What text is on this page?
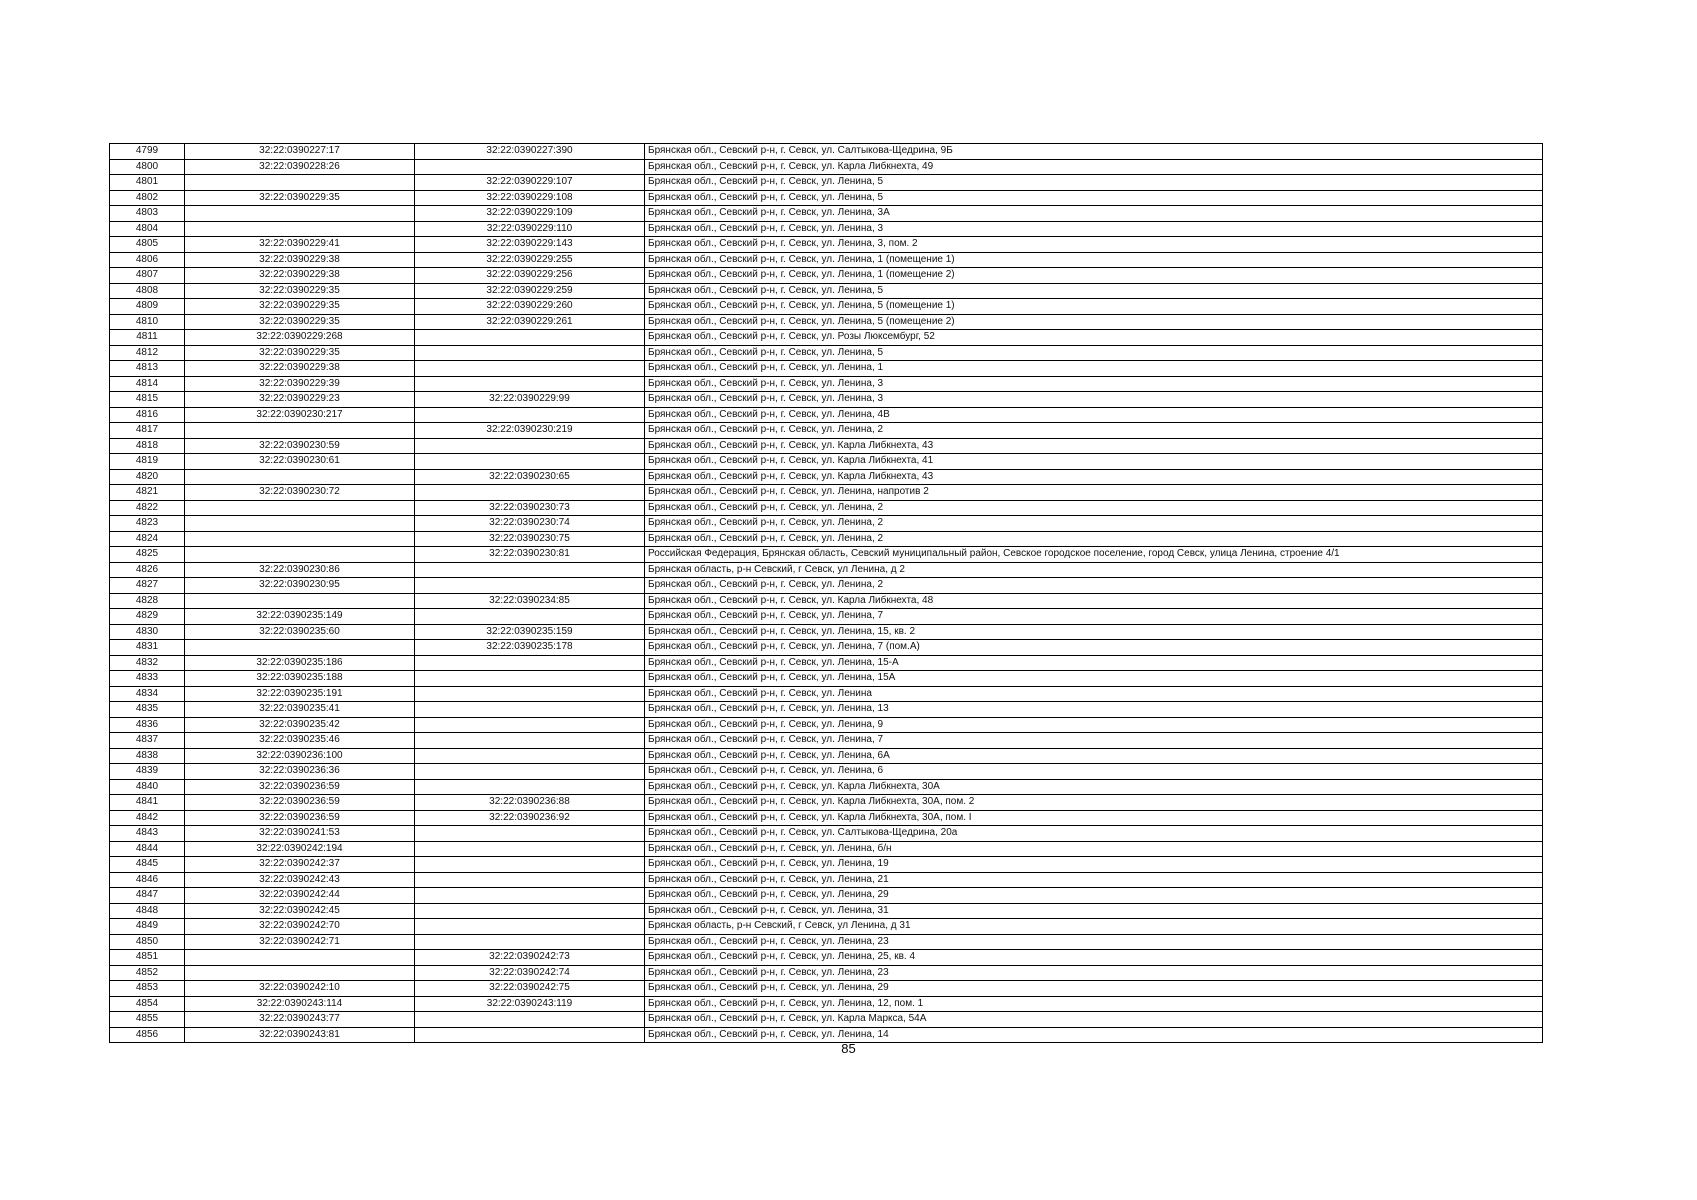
4799	32:22:0390227:17	32:22:0390227:390	Брянская обл., Севский р-н, г. Севск, ул. Салтыкова-Щедрина, 9Б
4800	32:22:0390228:26		Брянская обл., Севский р-н, г. Севск, ул. Карла Либкнехта, 49
4801		32:22:0390229:107	Брянская обл., Севский р-н, г. Севск, ул. Ленина, 5
4802	32:22:0390229:35	32:22:0390229:108	Брянская обл., Севский р-н, г. Севск, ул. Ленина, 5
4803		32:22:0390229:109	Брянская обл., Севский р-н, г. Севск, ул. Ленина, 3А
4804		32:22:0390229:110	Брянская обл., Севский р-н, г. Севск, ул. Ленина, 3
4805	32:22:0390229:41	32:22:0390229:143	Брянская обл., Севский р-н, г. Севск, ул. Ленина, 3, пом. 2
4806	32:22:0390229:38	32:22:0390229:255	Брянская обл., Севский р-н, г. Севск, ул. Ленина, 1 (помещение 1)
4807	32:22:0390229:38	32:22:0390229:256	Брянская обл., Севский р-н, г. Севск, ул. Ленина, 1 (помещение 2)
4808	32:22:0390229:35	32:22:0390229:259	Брянская обл., Севский р-н, г. Севск, ул. Ленина, 5
4809	32:22:0390229:35	32:22:0390229:260	Брянская обл., Севский р-н, г. Севск, ул. Ленина, 5 (помещение 1)
4810	32:22:0390229:35	32:22:0390229:261	Брянская обл., Севский р-н, г. Севск, ул. Ленина, 5 (помещение 2)
4811	32:22:0390229:268		Брянская обл., Севский р-н, г. Севск, ул. Розы Люксембург, 52
4812	32:22:0390229:35		Брянская обл., Севский р-н, г. Севск, ул. Ленина, 5
4813	32:22:0390229:38		Брянская обл., Севский р-н, г. Севск, ул. Ленина, 1
4814	32:22:0390229:39		Брянская обл., Севский р-н, г. Севск, ул. Ленина, 3
4815	32:22:0390229:23	32:22:0390229:99	Брянская обл., Севский р-н, г. Севск, ул. Ленина, 3
4816	32:22:0390230:217		Брянская обл., Севский р-н, г. Севск, ул. Ленина, 4В
4817		32:22:0390230:219	Брянская обл., Севский р-н, г. Севск, ул. Ленина, 2
4818	32:22:0390230:59		Брянская обл., Севский р-н, г. Севск, ул. Карла Либкнехта, 43
4819	32:22:0390230:61		Брянская обл., Севский р-н, г. Севск, ул. Карла Либкнехта, 41
4820		32:22:0390230:65	Брянская обл., Севский р-н, г. Севск, ул. Карла Либкнехта, 43
4821	32:22:0390230:72		Брянская обл., Севский р-н, г. Севск, ул. Ленина, напротив 2
4822		32:22:0390230:73	Брянская обл., Севский р-н, г. Севск, ул. Ленина, 2
4823		32:22:0390230:74	Брянская обл., Севский р-н, г. Севск, ул. Ленина, 2
4824		32:22:0390230:75	Брянская обл., Севский р-н, г. Севск, ул. Ленина, 2
4825		32:22:0390230:81	Российская Федерация, Брянская область, Севский муниципальный район, Севское городское поселение, город Севск, улица Ленина, строение 4/1
4826	32:22:0390230:86		Брянская область, р-н Севский, г Севск, ул Ленина, д 2
4827	32:22:0390230:95		Брянская обл., Севский р-н, г. Севск, ул. Ленина, 2
4828		32:22:0390234:85	Брянская обл., Севский р-н, г. Севск, ул. Карла Либкнехта, 48
4829	32:22:0390235:149		Брянская обл., Севский р-н, г. Севск, ул. Ленина, 7
4830	32:22:0390235:60	32:22:0390235:159	Брянская обл., Севский р-н, г. Севск, ул. Ленина, 15, кв. 2
4831		32:22:0390235:178	Брянская обл., Севский р-н, г. Севск, ул. Ленина, 7 (пом.А)
4832	32:22:0390235:186		Брянская обл., Севский р-н, г. Севск, ул. Ленина, 15-А
4833	32:22:0390235:188		Брянская обл., Севский р-н, г. Севск, ул. Ленина, 15А
4834	32:22:0390235:191		Брянская обл., Севский р-н, г. Севск, ул. Ленина
4835	32:22:0390235:41		Брянская обл., Севский р-н, г. Севск, ул. Ленина, 13
4836	32:22:0390235:42		Брянская обл., Севский р-н, г. Севск, ул. Ленина, 9
4837	32:22:0390235:46		Брянская обл., Севский р-н, г. Севск, ул. Ленина, 7
4838	32:22:0390236:100		Брянская обл., Севский р-н, г. Севск, ул. Ленина, 6А
4839	32:22:0390236:36		Брянская обл., Севский р-н, г. Севск, ул. Ленина, 6
4840	32:22:0390236:59		Брянская обл., Севский р-н, г. Севск, ул. Карла Либкнехта, 30А
4841	32:22:0390236:59	32:22:0390236:88	Брянская обл., Севский р-н, г. Севск, ул. Карла Либкнехта, 30А, пом. 2
4842	32:22:0390236:59	32:22:0390236:92	Брянская обл., Севский р-н, г. Севск, ул. Карла Либкнехта, 30А, пом. I
4843	32:22:0390241:53		Брянская обл., Севский р-н, г. Севск, ул. Салтыкова-Щедрина, 20а
4844	32:22:0390242:194		Брянская обл., Севский р-н, г. Севск, ул. Ленина, б/н
4845	32:22:0390242:37		Брянская обл., Севский р-н, г. Севск, ул. Ленина, 19
4846	32:22:0390242:43		Брянская обл., Севский р-н, г. Севск, ул. Ленина, 21
4847	32:22:0390242:44		Брянская обл., Севский р-н, г. Севск, ул. Ленина, 29
4848	32:22:0390242:45		Брянская обл., Севский р-н, г. Севск, ул. Ленина, 31
4849	32:22:0390242:70		Брянская область, р-н Севский, г Севск, ул Ленина, д 31
4850	32:22:0390242:71		Брянская обл., Севский р-н, г. Севск, ул. Ленина, 23
4851		32:22:0390242:73	Брянская обл., Севский р-н, г. Севск, ул. Ленина, 25, кв. 4
4852		32:22:0390242:74	Брянская обл., Севский р-н, г. Севск, ул. Ленина, 23
4853	32:22:0390242:10	32:22:0390242:75	Брянская обл., Севский р-н, г. Севск, ул. Ленина, 29
4854	32:22:0390243:114	32:22:0390243:119	Брянская обл., Севский р-н, г. Севск, ул. Ленина, 12, пом. 1
4855	32:22:0390243:77		Брянская обл., Севский р-н, г. Севск, ул. Карла Маркса, 54А
4856	32:22:0390243:81		Брянская обл., Севский р-н, г. Севск, ул. Ленина, 14
85
